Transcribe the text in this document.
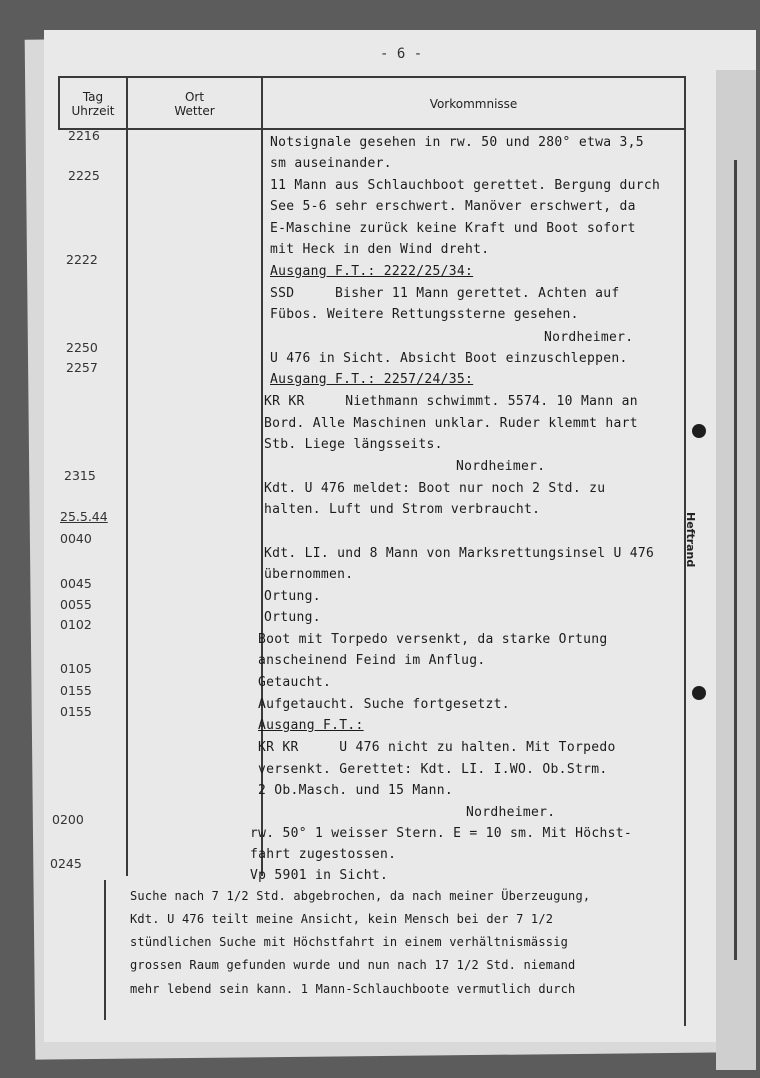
- 6 -
Tag
Uhrzeit
Ort
Wetter	Vorkommnisse
2216
2225
2222
2250
2257
2315
25.5.44
0040
0045
0055
0102
0105
0155
0155
0200
0245
Notsignale gesehen in rw. 50 und 280° etwa 3,5
sm auseinander.
11 Mann aus Schlauchboot gerettet. Bergung durch
See 5-6 sehr erschwert. Manöver erschwert, da
E-Maschine zurück keine Kraft und Boot sofort
mit Heck in den Wind dreht.
Ausgang F.T.: 2222/25/34:
SSD     Bisher 11 Mann gerettet. Achten auf
Fübos. Weitere Rettungssterne gesehen.
Nordheimer.
U 476 in Sicht. Absicht Boot einzuschleppen.
Ausgang F.T.: 2257/24/35:
KR KR     Niethmann schwimmt. 5574. 10 Mann an
Bord. Alle Maschinen unklar. Ruder klemmt hart
Stb. Liege längsseits.
Nordheimer.
Kdt. U 476 meldet: Boot nur noch 2 Std. zu
halten. Luft und Strom verbraucht.
Kdt. LI. und 8 Mann von Marksrettungsinsel U 476
übernommen.
Ortung.
Ortung.
Boot mit Torpedo versenkt, da starke Ortung
anscheinend Feind im Anflug.
Getaucht.
Aufgetaucht. Suche fortgesetzt.
Ausgang F.T.:
KR KR     U 476 nicht zu halten. Mit Torpedo
versenkt. Gerettet: Kdt. LI. I.WO. Ob.Strm.
2 Ob.Masch. und 15 Mann.
Nordheimer.
rw. 50° 1 weisser Stern. E = 10 sm. Mit Höchst-
fahrt zugestossen.
Vp 5901 in Sicht.
Suche nach 7 1/2 Std. abgebrochen, da nach meiner Überzeugung,
Kdt. U 476 teilt meine Ansicht, kein Mensch bei der 7 1/2
stündlichen Suche mit Höchstfahrt in einem verhältnismässig
grossen Raum gefunden wurde und nun nach 17 1/2 Std. niemand
mehr lebend sein kann. 1 Mann-Schlauchboote vermutlich durch
Heftrand
